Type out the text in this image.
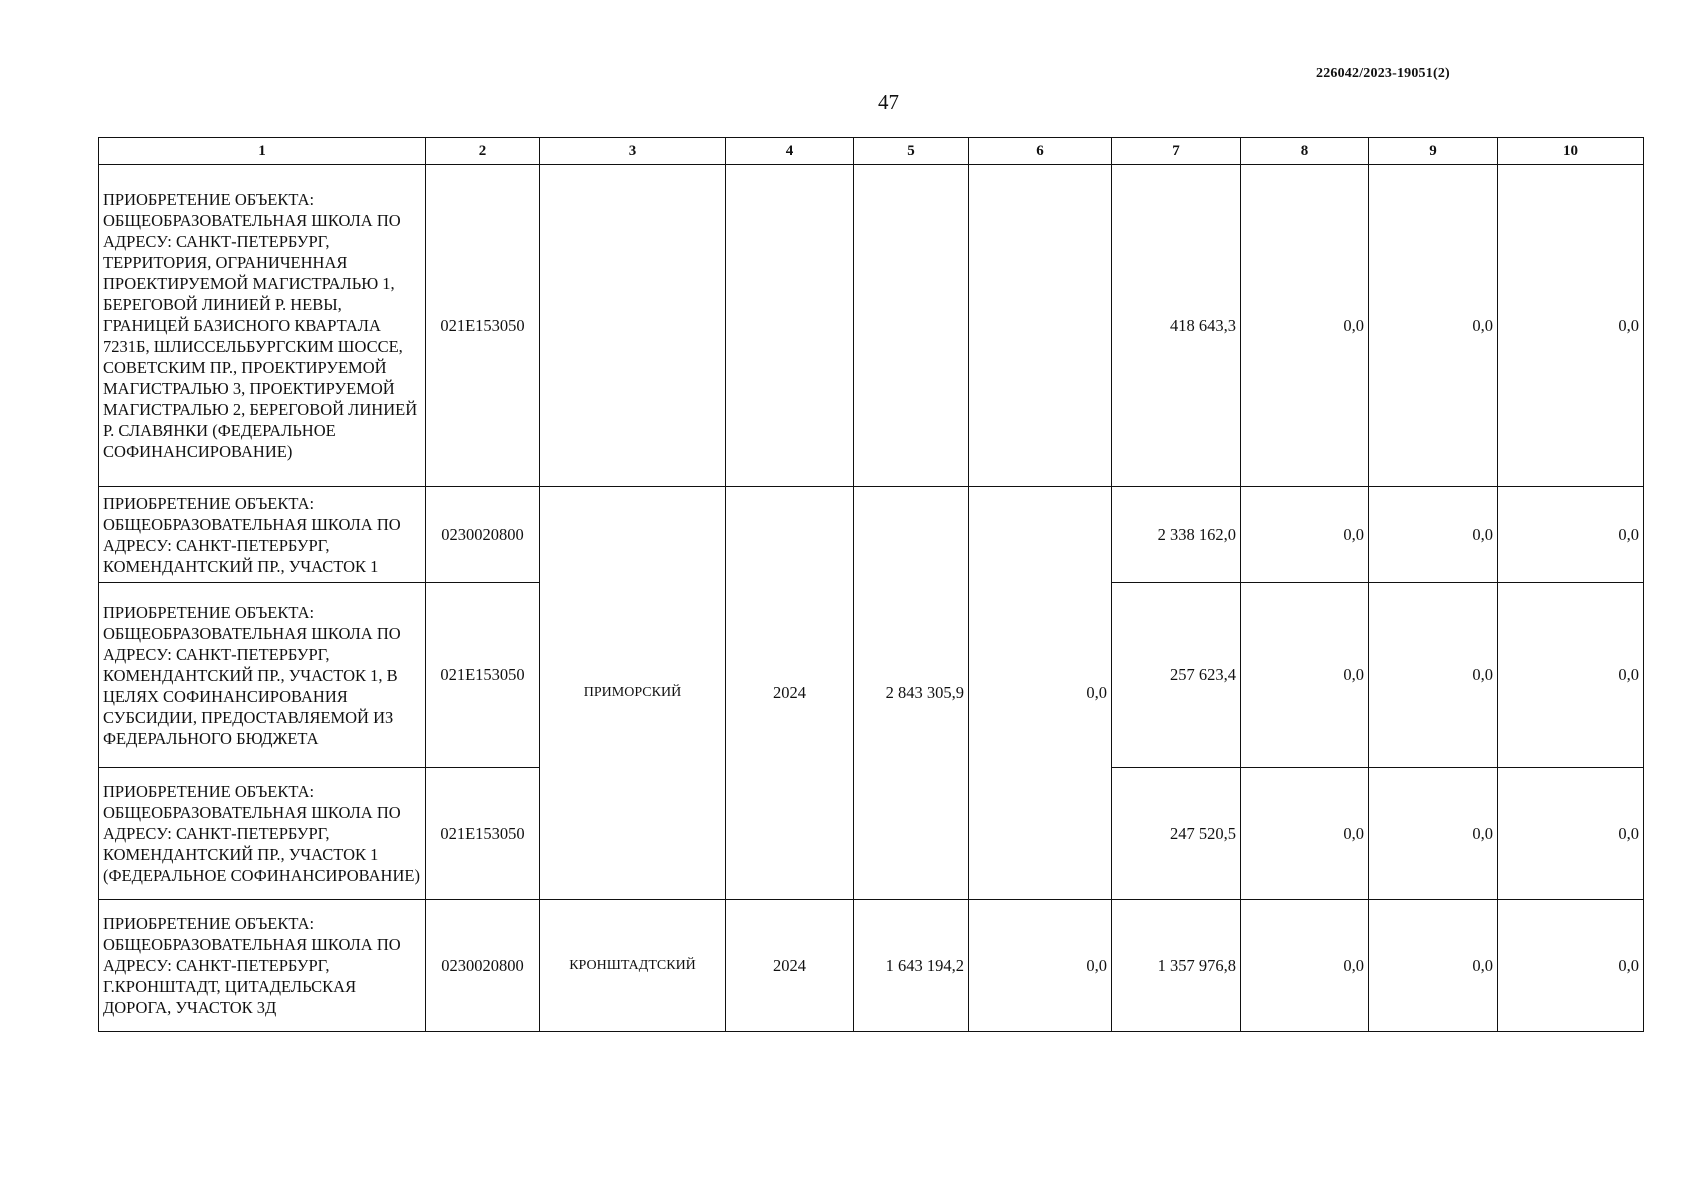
226042/2023-19051(2)
47
1	2	3	4	5	6	7	8	9	10
ПРИОБРЕТЕНИЕ ОБЪЕКТА: ОБЩЕОБРАЗОВАТЕЛЬНАЯ ШКОЛА ПО АДРЕСУ: САНКТ-ПЕТЕРБУРГ, ТЕРРИТОРИЯ, ОГРАНИЧЕННАЯ ПРОЕКТИРУЕМОЙ МАГИСТРАЛЬЮ 1, БЕРЕГОВОЙ ЛИНИЕЙ Р. НЕВЫ, ГРАНИЦЕЙ БАЗИСНОГО КВАРТАЛА 7231Б, ШЛИССЕЛЬБУРГСКИМ ШОССЕ, СОВЕТСКИМ ПР., ПРОЕКТИРУЕМОЙ МАГИСТРАЛЬЮ 3, ПРОЕКТИРУЕМОЙ МАГИСТРАЛЬЮ 2, БЕРЕГОВОЙ ЛИНИЕЙ Р. СЛАВЯНКИ (ФЕДЕРАЛЬНОЕ СОФИНАНСИРОВАНИЕ)	021E153050					418 643,3	0,0	0,0	0,0
ПРИОБРЕТЕНИЕ ОБЪЕКТА: ОБЩЕОБРАЗОВАТЕЛЬНАЯ ШКОЛА ПО АДРЕСУ: САНКТ-ПЕТЕРБУРГ, КОМЕНДАНТСКИЙ ПР., УЧАСТОК 1	0230020800	ПРИМОРСКИЙ	2024	2 843 305,9	0,0	2 338 162,0	0,0	0,0	0,0
ПРИОБРЕТЕНИЕ ОБЪЕКТА: ОБЩЕОБРАЗОВАТЕЛЬНАЯ ШКОЛА ПО АДРЕСУ: САНКТ-ПЕТЕРБУРГ, КОМЕНДАНТСКИЙ ПР., УЧАСТОК 1, В ЦЕЛЯХ СОФИНАНСИРОВАНИЯ СУБСИДИИ, ПРЕДОСТАВЛЯЕМОЙ ИЗ ФЕДЕРАЛЬНОГО БЮДЖЕТА	021E153050					257 623,4	0,0	0,0	0,0
ПРИОБРЕТЕНИЕ ОБЪЕКТА: ОБЩЕОБРАЗОВАТЕЛЬНАЯ ШКОЛА ПО АДРЕСУ: САНКТ-ПЕТЕРБУРГ, КОМЕНДАНТСКИЙ ПР., УЧАСТОК 1 (ФЕДЕРАЛЬНОЕ СОФИНАНСИРОВАНИЕ)	021E153050					247 520,5	0,0	0,0	0,0
ПРИОБРЕТЕНИЕ ОБЪЕКТА: ОБЩЕОБРАЗОВАТЕЛЬНАЯ ШКОЛА ПО АДРЕСУ: САНКТ-ПЕТЕРБУРГ, Г.КРОНШТАДТ, ЦИТАДЕЛЬСКАЯ ДОРОГА, УЧАСТОК 3Д	0230020800	КРОНШТАДТСКИЙ	2024	1 643 194,2	0,0	1 357 976,8	0,0	0,0	0,0
